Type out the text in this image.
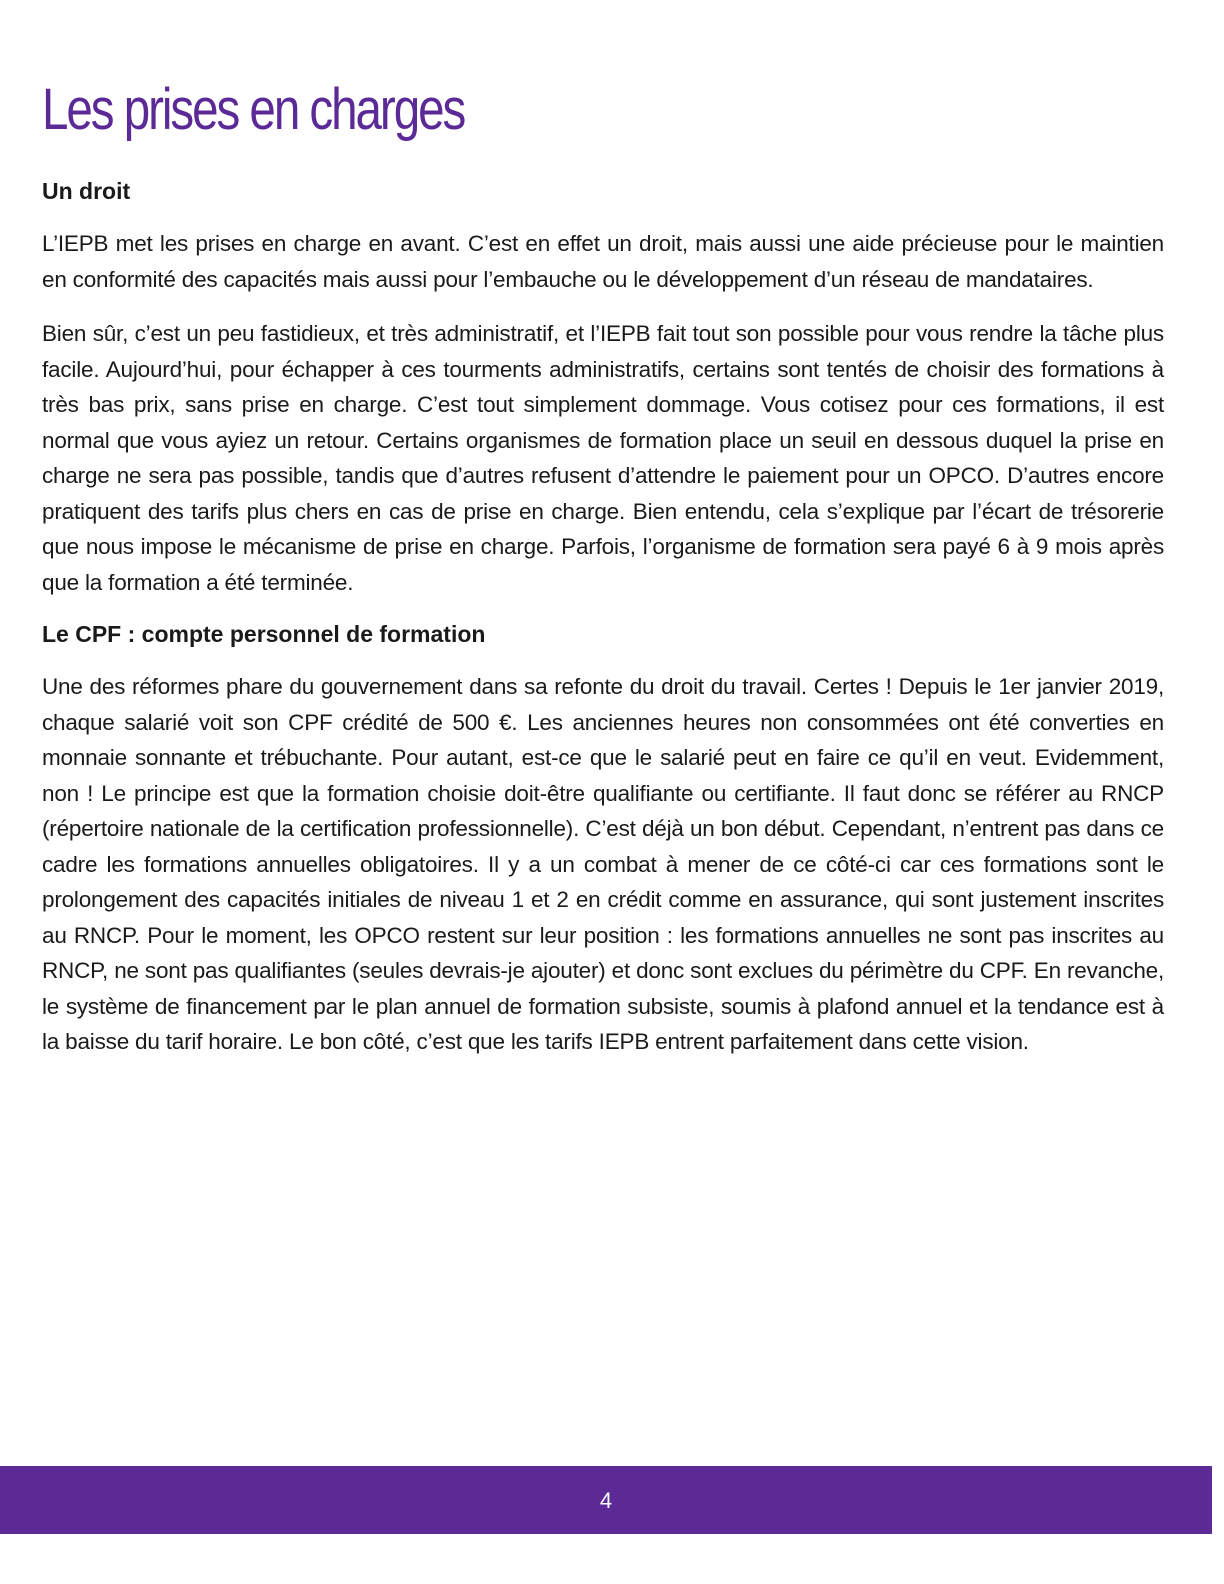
Les prises en charges
Un droit

L’IEPB met les prises en charge en avant. C’est en effet un droit, mais aussi une aide précieuse pour le maintien en conformité des capacités mais aussi pour l’embauche ou le développement d’un réseau de mandataires.

Bien sûr, c’est un peu fastidieux, et très administratif, et l’IEPB fait tout son possible pour vous rendre la tâche plus facile. Aujourd’hui, pour échapper à ces tourments administratifs, certains sont tentés de choisir des formations à très bas prix, sans prise en charge. C’est tout simplement dommage. Vous cotisez pour ces formations, il est normal que vous ayiez un retour. Certains organismes de formation place un seuil en dessous duquel la prise en charge ne sera pas possible, tandis que d’autres refusent d’attendre le paiement pour un OPCO. D’autres encore pratiquent des tarifs plus chers en cas de prise en charge. Bien entendu, cela s’explique par l’écart de trésorerie que nous impose le mécanisme de prise en charge. Parfois, l’organisme de formation sera payé 6 à 9 mois après que la formation a été terminée.

Le CPF : compte personnel de formation

Une des réformes phare du gouvernement dans sa refonte du droit du travail. Certes ! Depuis le 1er janvier 2019, chaque salarié voit son CPF crédité de 500 €. Les anciennes heures non consommées ont été converties en monnaie sonnante et trébuchante. Pour autant, est-ce que le salarié peut en faire ce qu’il en veut. Evidemment, non ! Le principe est que la formation choisie doit-être qualifiante ou certifiante. Il faut donc se référer au RNCP (répertoire nationale de la certification professionnelle). C’est déjà un bon début. Cependant, n’entrent pas dans ce cadre les formations annuelles obligatoires. Il y a un combat à mener de ce côté-ci car ces formations sont le prolongement des capacités initiales de niveau 1 et 2 en crédit comme en assurance, qui sont justement inscrites au RNCP. Pour le moment, les OPCO restent sur leur position : les formations annuelles ne sont pas inscrites au RNCP, ne sont pas qualifiantes (seules devrais-je ajouter) et donc sont exclues du périmètre du CPF. En revanche, le système de financement par le plan annuel de formation subsiste, soumis à plafond annuel et la tendance est à la baisse du tarif horaire. Le bon côté, c’est que les tarifs IEPB entrent parfaitement dans cette vision.

4
